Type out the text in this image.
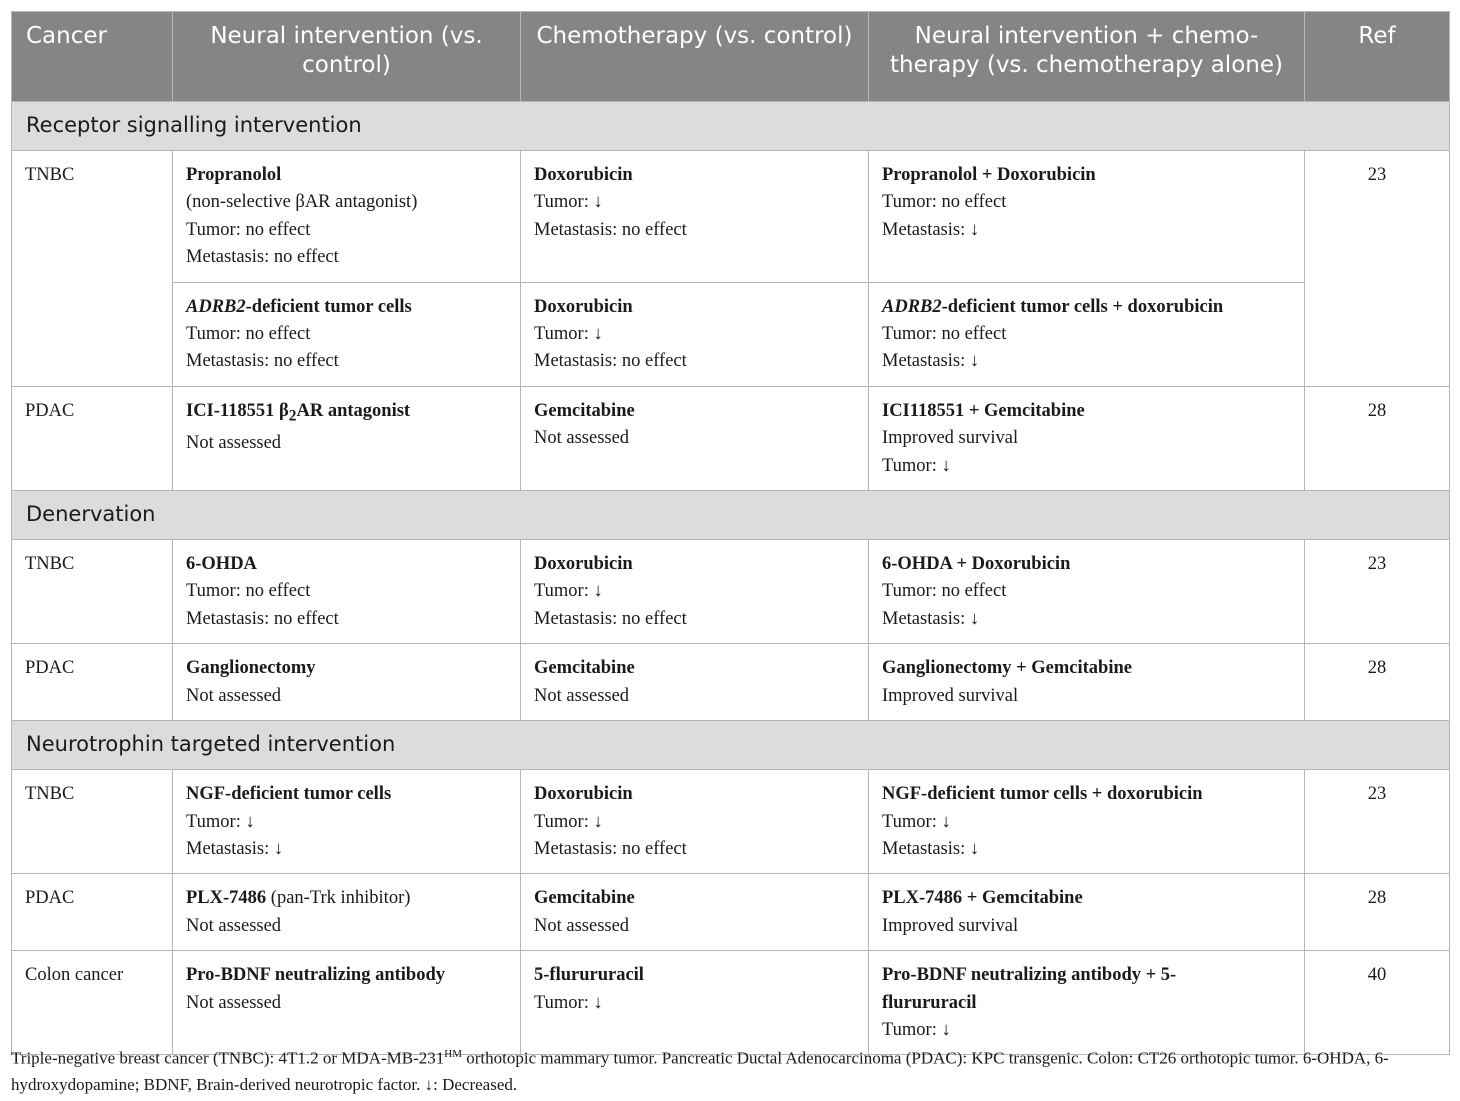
Cancer	Neural intervention (vs. control)	Chemotherapy (vs. control)	Neural intervention + chemo- therapy (vs. chemotherapy alone)	Ref
Receptor signalling intervention				
TNBC	Propranolol
(non-selective βAR antagonist)
Tumor: no effect
Metastasis: no effect	Doxorubicin
Tumor: ↓
Metastasis: no effect	Propranolol + Doxorubicin
Tumor: no effect
Metastasis: ↓	23

	ADRB2-deficient tumor cells
Tumor: no effect
Metastasis: no effect	Doxorubicin
Tumor: ↓
Metastasis: no effect	ADRB2-deficient tumor cells + doxorubicin
Tumor: no effect
Metastasis: ↓	

PDAC	ICI-118551 $\beta_2AR$ antagonist
Not assessed	Gemcitabine
Not assessed	ICI118551 + Gemcitabine
Improved survival
Tumor: ↓	28
Denervation				
TNBC	6-OHDA
Tumor: no effect
Metastasis: no effect	Doxorubicin
Tumor: ↓
Metastasis: no effect	6-OHDA + Doxorubicin
Tumor: no effect
Metastasis: ↓	23
PDAC	Ganglionectomy
Not assessed	Gemcitabine
Not assessed	Ganglionectomy + Gemcitabine
Improved survival	28
Neurotrophin targeted intervention				
TNBC	NGF-deficient tumor cells
Tumor: ↓
Metastasis: ↓	Doxorubicin
Tumor: ↓
Metastasis: no effect	NGF-deficient tumor cells + doxorubicin
Tumor: ↓
Metastasis: ↓	23
PDAC	PLX-7486 (pan-Trk inhibitor)
Not assessed	Gemcitabine
Not assessed	PLX-7486 + Gemcitabine
Improved survival	28
Colon cancer	Pro-BDNF neutralizing antibody
Not assessed	5-flurururacil
Tumor: ↓	Pro-BDNF neutralizing antibody + 5-
flurururacil
Tumor: ↓	40
Triple-negative breast cancer (TNBC): 4T1.2 or MDA-$MB-231^{HM}$ orthotopic mammary tumor. Pancreatic Ductal Adenocarcinoma (PDAC): KPC transgenic. Colon: CT26 orthotopic tumor. 6-OHDA, 6-hydroxydopamine; BDNF, Brain-derived neurotropic factor. ↓: Decreased.
